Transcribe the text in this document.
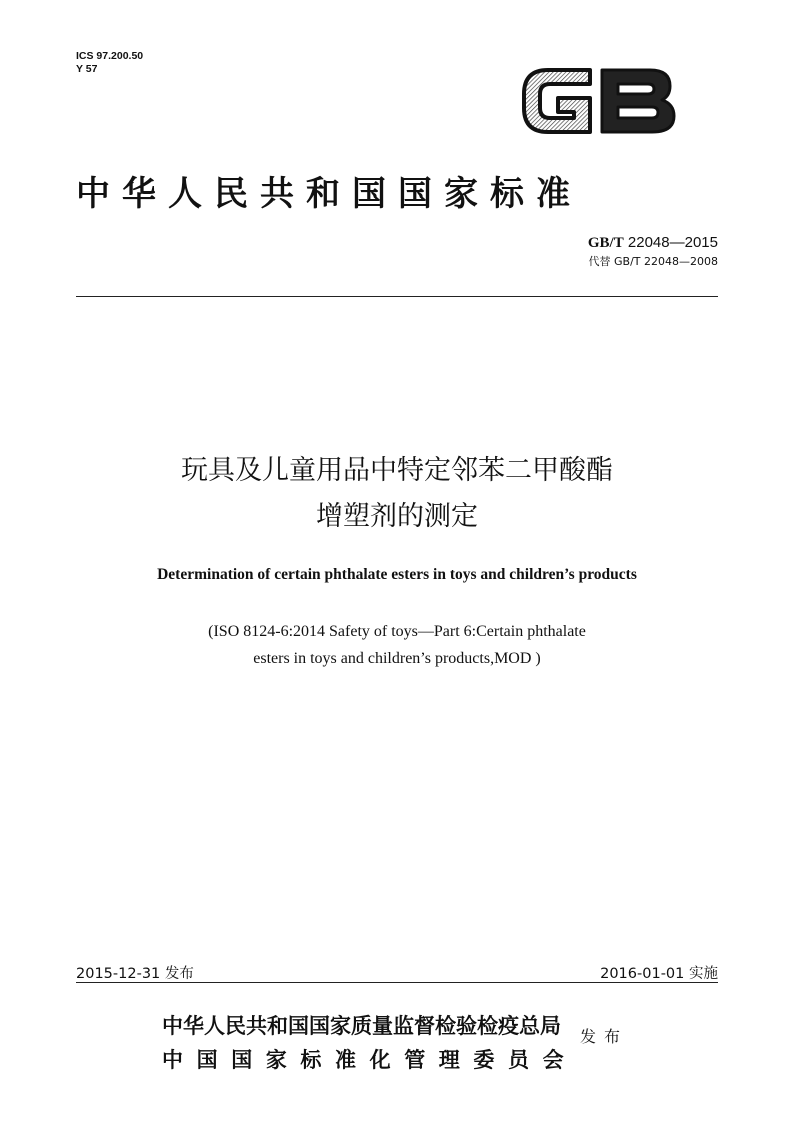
ICS 97.200.50
Y 57
中华人民共和国国家标准
GB/T 22048—2015
代替 GB/T 22048—2008
玩具及儿童用品中特定邻苯二甲酸酯
增塑剂的测定
Determination of certain phthalate esters in toys and children’s products
(ISO 8124-6:2014 Safety of toys—Part 6:Certain phthalate
esters in toys and children’s products,MOD )
2015-12-31 发布	2016-01-01 实施
中华人民共和国国家质量监督检验检疫总局
中国国家标准化管理委员会
发布
